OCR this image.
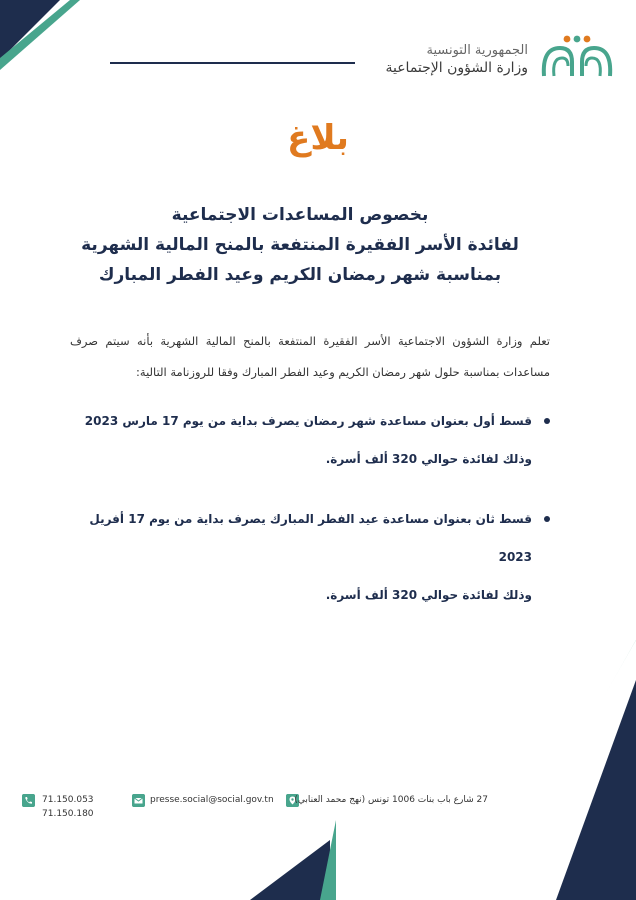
الجمهورية التونسية
وزارة الشؤون الإجتماعية
بلاغ
بخصوص المساعدات الاجتماعية
لفائدة الأسر الفقيرة المنتفعة بالمنح المالية الشهرية
بمناسبة شهر رمضان الكريم وعيد الفطر المبارك
تعلم وزارة الشؤون الاجتماعية الأسر الفقيرة المنتفعة بالمنح المالية الشهرية بأنه سيتم صرف مساعدات بمناسبة حلول شهر رمضان الكريم وعيد الفطر المبارك وفقا للروزنامة التالية:
قسط أول بعنوان مساعدة شهر رمضان يصرف بداية من يوم 17 مارس 2023
وذلك لفائدة حوالي 320 ألف أسرة.
قسط ثان بعنوان مساعدة عيد الفطر المبارك يصرف بداية من يوم 17 أفريل 2023
وذلك لفائدة حوالي 320 ألف أسرة.
71.150.053
71.150.180
presse.social@social.gov.tn 27 شارع باب بنات 1006 تونس (نهج محمد العنابي)
